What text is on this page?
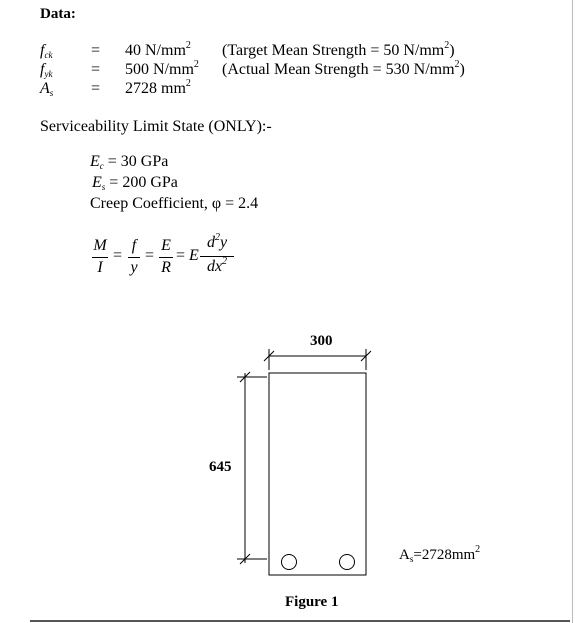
Data:
$f_{ck} = 40$ $N/mm^2$ (Target Mean Strength = 50 $N/mm^2$)
$f_{yk} = 500$ $N/mm^2$ (Actual Mean Strength = 530 $N/mm^2$)
$A_s = 2728$ $mm^2$
Serviceability Limit State (ONLY):-
$E_c = 30$ GPa
$E_s = 200$ GPa
Creep Coefficient, φ = 2.4
M
I
=
f
y
=
E
R
= E
$d^2y$
$dx^2$
300
645
$A_s=2728mm^2$
Figure 1
